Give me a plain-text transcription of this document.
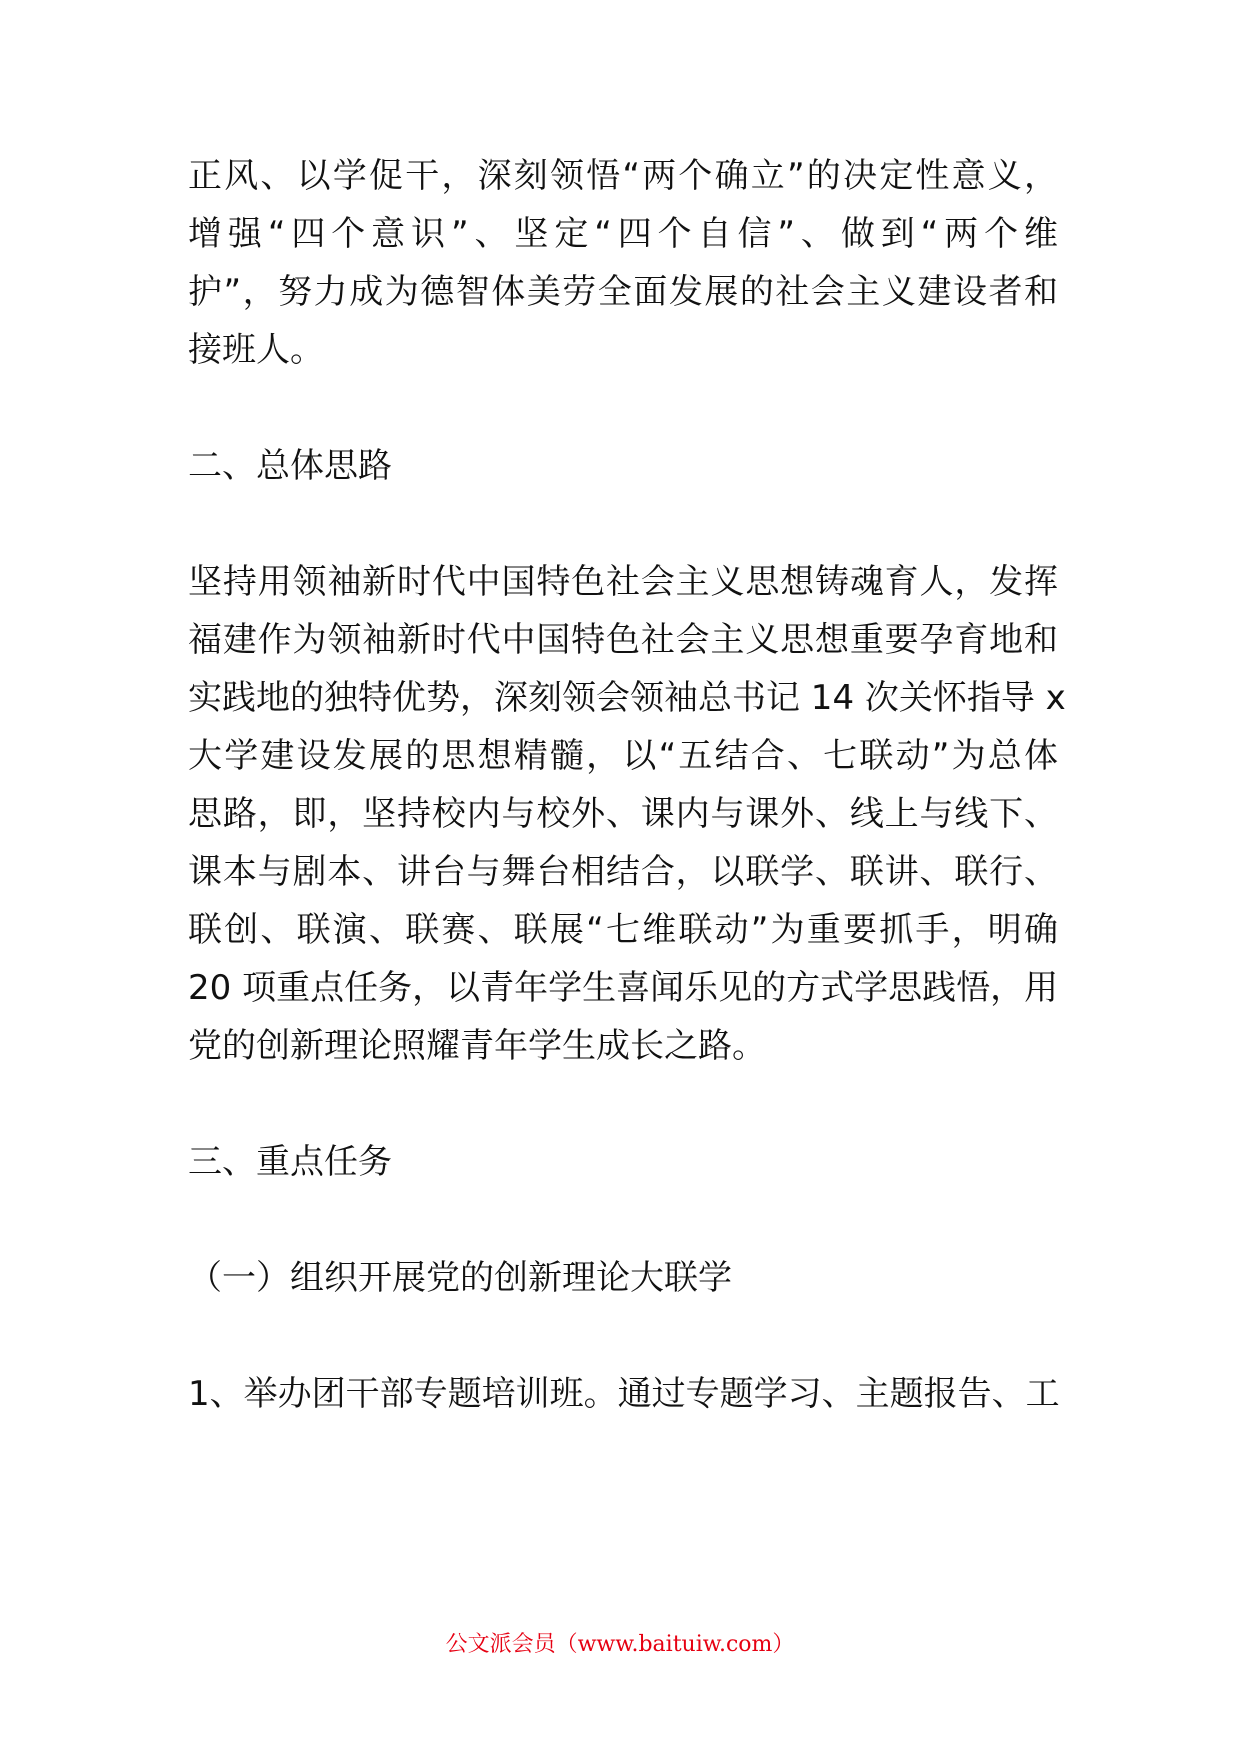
正风、以学促干，深刻领悟“两个确立”的决定性意义，
增强“四个意识”、坚定“四个自信”、做到“两个维
护”，努力成为德智体美劳全面发展的社会主义建设者和
接班人。
二、总体思路
坚持用领袖新时代中国特色社会主义思想铸魂育人，发挥
福建作为领袖新时代中国特色社会主义思想重要孕育地和
实践地的独特优势，深刻领会领袖总书记 14 次关怀指导 x
大学建设发展的思想精髓，以“五结合、七联动”为总体
思路，即，坚持校内与校外、课内与课外、线上与线下、
课本与剧本、讲台与舞台相结合，以联学、联讲、联行、
联创、联演、联赛、联展“七维联动”为重要抓手，明确
20 项重点任务，以青年学生喜闻乐见的方式学思践悟，用
党的创新理论照耀青年学生成长之路。
三、重点任务
（一）组织开展党的创新理论大联学
1、举办团干部专题培训班。通过专题学习、主题报告、工
公文派会员（www.baituiw.com）
